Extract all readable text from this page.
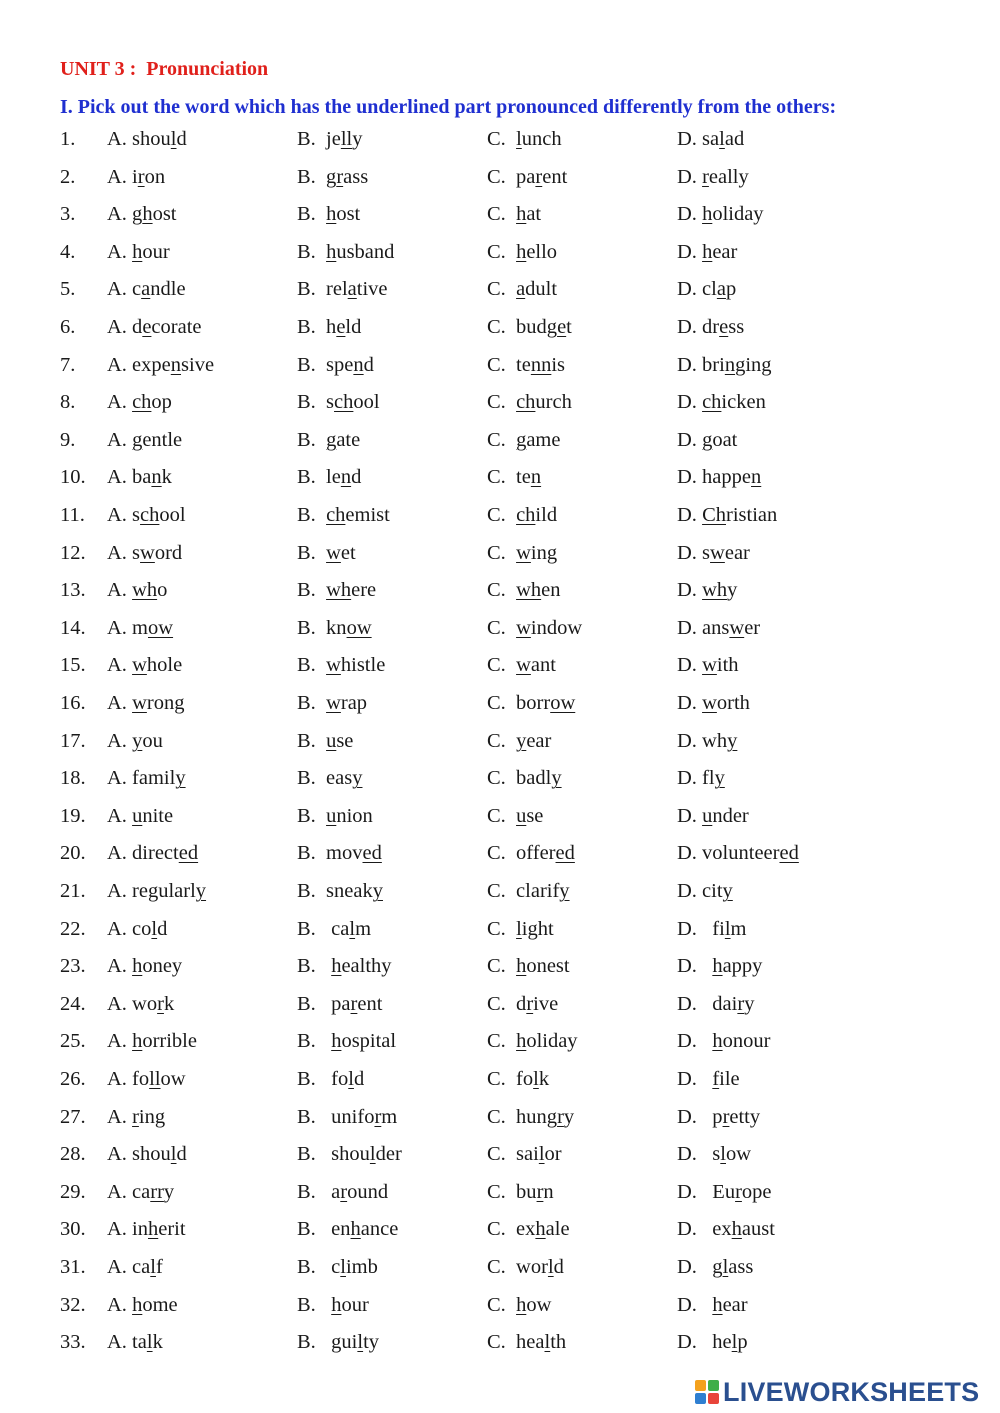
UNIT 3 :  Pronunciation
I. Pick out the word which has the underlined part pronounced differently from the others:
1. A. should	B.  jelly	C.  lunch	D. salad
2. A. iron	B.  grass	C.  parent	D. really
3. A. ghost	B.  host	C.  hat	D. holiday
4. A. hour	B.  husband	C.  hello	D. hear
5. A. candle	B.  relative	C.  adult	D. clap
6. A. decorate	B.  held	C.  budget	D. dress
7. A. expensive	B.  spend	C.  tennis	D. bringing
8. A. chop	B.  school	C.  church	D. chicken
9. A. gentle	B.  gate	C.  game	D. goat
10. A. bank	B.  lend	C.  ten	D. happen
11. A. school	B.  chemist	C.  child	D. Christian
12. A. sword	B.  wet	C.  wing	D. swear
13. A. who	B.  where	C.  when	D. why
14. A. mow	B.  know	C.  window	D. answer
15. A. whole	B.  whistle	C.  want	D. with
16. A. wrong	B.  wrap	C.  borrow	D. worth
17. A. you	B.  use	C.  year	D. why
18. A. family	B.  easy	C.  badly	D. fly
19. A. unite	B.  union	C.  use	D. under
20. A. directed	B.  moved	C.  offered	D. volunteered
21. A. regularly	B.  sneaky	C.  clarify	D. city
22. A. cold	B.   calm	C.  light	D.   film
23. A. honey	B.   healthy	C.  honest	D.   happy
24. A. work	B.   parent	C.  drive	D.   dairy
25. A. horrible	B.   hospital	C.  holiday	D.   honour
26. A. follow	B.   fold	C.  folk	D.   file
27. A. ring	B.   uniform	C.  hungry	D.   pretty
28. A. should	B.   shoulder	C.  sailor	D.   slow
29. A. carry	B.   around	C.  burn	D.   Europe
30. A. inherit	B.   enhance	C.  exhale	D.   exhaust
31. A. calf	B.   climb	C.  world	D.   glass
32. A. home	B.   hour	C.  how	D.   hear
33. A. talk	B.   guilty	C.  health	D.   help
LIVEWORKSHEETS
